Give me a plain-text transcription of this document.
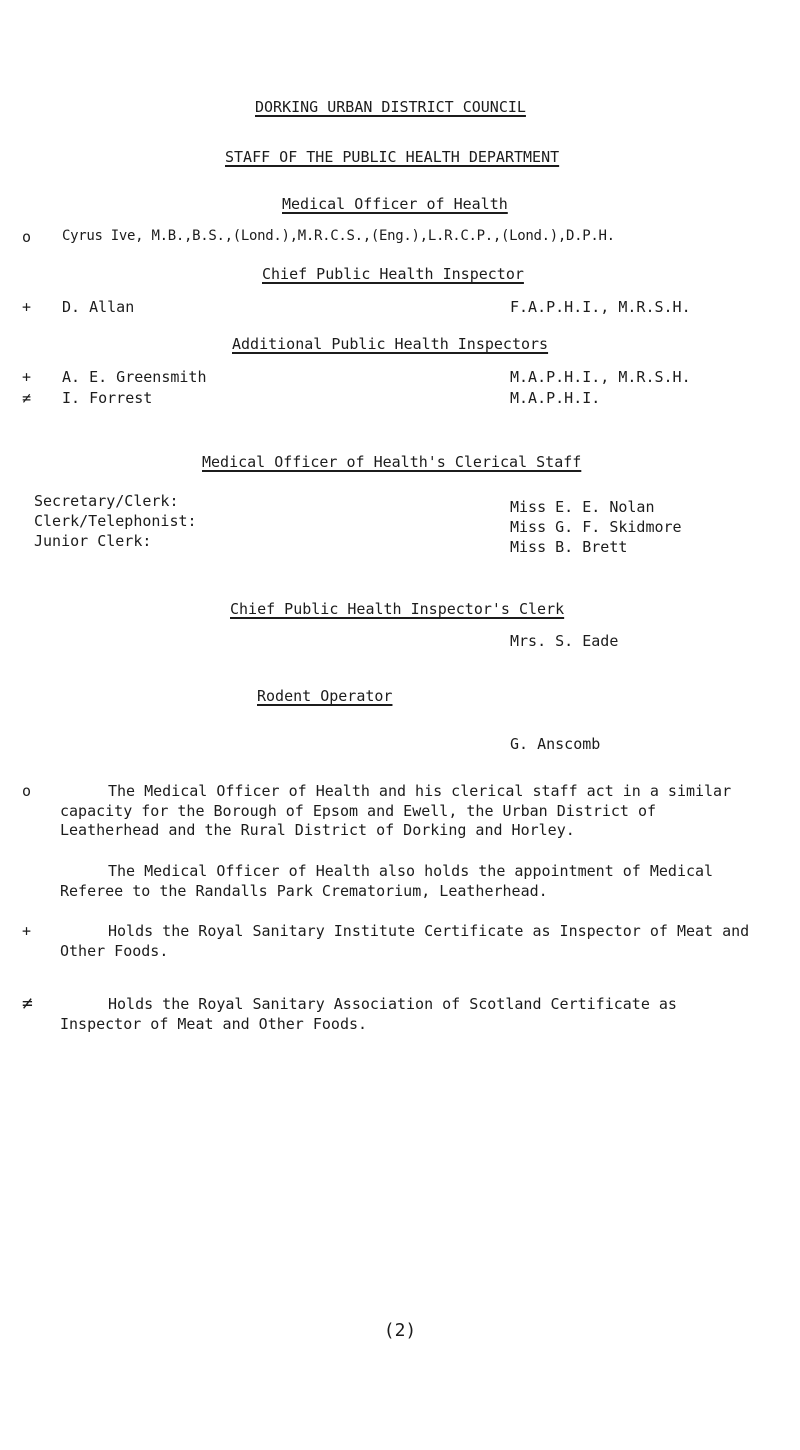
DORKING URBAN DISTRICT COUNCIL
STAFF OF THE PUBLIC HEALTH DEPARTMENT
Medical Officer of Health
o Cyrus Ive, M.B.,B.S.,(Lond.),M.R.C.S.,(Eng.),L.R.C.P.,(Lond.),D.P.H.
Chief Public Health Inspector
+ D. Allan	F.A.P.H.I., M.R.S.H.
Additional Public Health Inspectors
+ A. E. Greensmith	M.A.P.H.I., M.R.S.H.
≠ I. Forrest	M.A.P.H.I.
Medical Officer of Health's Clerical Staff
Secretary/Clerk:	Miss E. E. Nolan
Clerk/Telephonist:	Miss G. F. Skidmore
Junior Clerk:	Miss B. Brett
Chief Public Health Inspector's Clerk
Mrs. S. Eade
Rodent Operator
G. Anscomb
o	The Medical Officer of Health and his clerical staff act in a similar capacity for the Borough of Epsom and Ewell, the Urban District of Leatherhead and the Rural District of Dorking and Horley.
The Medical Officer of Health also holds the appointment of Medical Referee to the Randalls Park Crematorium, Leatherhead.
+	Holds the Royal Sanitary Institute Certificate as Inspector of Meat and Other Foods.
≠	Holds the Royal Sanitary Association of Scotland Certificate as Inspector of Meat and Other Foods.
(2)
